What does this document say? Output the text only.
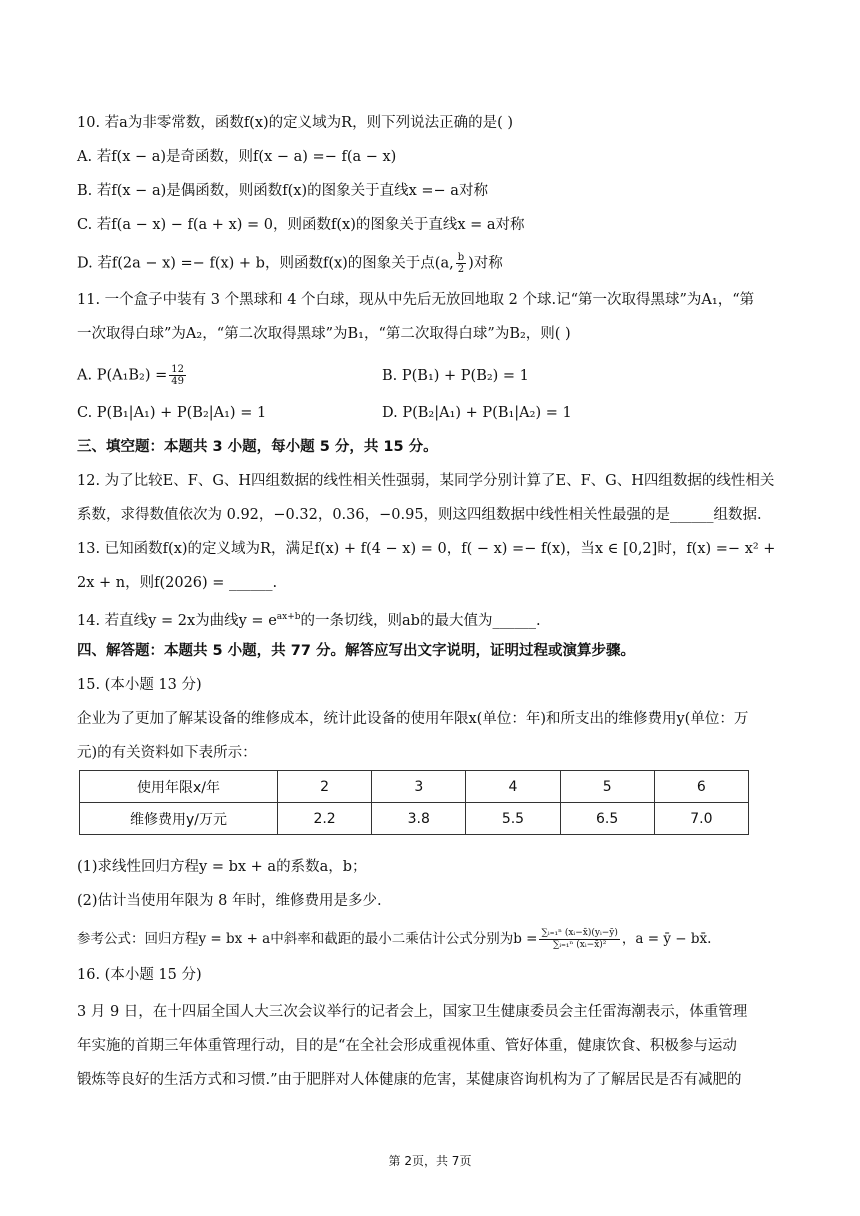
10. 若a为非零常数，函数f(x)的定义域为R，则下列说法正确的是( )
A. 若f(x − a)是奇函数，则f(x − a) =− f(a − x)
B. 若f(x − a)是偶函数，则函数f(x)的图象关于直线x =− a对称
C. 若f(a − x) − f(a + x) = 0，则函数f(x)的图象关于直线x = a对称
D. 若f(2a − x) =− f(x) + b，则函数f(x)的图象关于点(a, $\frac{b}{2}$ )对称
11. 一个盒子中装有 3 个黑球和 4 个白球，现从中先后无放回地取 2 个球.记“第一次取得黑球”为A₁，“第
一次取得白球”为A₂，“第二次取得黑球”为B₁，“第二次取得白球”为B₂，则( )
A. $P(A_1B_2) = \frac{12}{49}$	B. P(B₁) + P(B₂) = 1
C. P(B₁|A₁) + P(B₂|A₁) = 1	D. P(B₂|A₁) + P(B₁|A₂) = 1
三、填空题：本题共 3 小题，每小题 5 分，共 15 分。
12. 为了比较E、F、G、H四组数据的线性相关性强弱，某同学分别计算了E、F、G、H四组数据的线性相关
系数，求得数值依次为 0.92，−0.32，0.36，−0.95，则这四组数据中线性相关性最强的是______组数据.
13. 已知函数f(x)的定义域为R，满足f(x) + f(4 − x) = 0，f( − x) =− f(x)，当x ∈ [0,2]时，f(x) =− x² +
2x + n，则f(2026) = ______.
14. 若直线y = 2x为曲线$y = e^{ax+b}$的一条切线，则ab的最大值为______.
四、解答题：本题共 5 小题，共 77 分。解答应写出文字说明，证明过程或演算步骤。
15. (本小题 13 分)
企业为了更加了解某设备的维修成本，统计此设备的使用年限x(单位：年)和所支出的维修费用y(单位：万
元)的有关资料如下表所示：
使用年限x/年	2	3	4	5	6
维修费用y/万元	2.2	3.8	5.5	6.5	7.0
(1)求线性回归方程y = bx + a的系数a，b；
(2)估计当使用年限为 8 年时，维修费用是多少.
参考公式：回归方程y = bx + a中斜率和截距的最小二乘估计公式分别为$b = \frac{\text{∑ᵢ₌₁ⁿ (xᵢ−x̄)(yᵢ−ȳ)}}{\text{∑ᵢ₌₁ⁿ (xᵢ−x̄)²}}$ ，a = ȳ − bx̄.
16. (本小题 15 分)
3 月 9 日，在十四届全国人大三次会议举行的记者会上，国家卫生健康委员会主任雷海潮表示，体重管理
年实施的首期三年体重管理行动，目的是“在全社会形成重视体重、管好体重，健康饮食、积极参与运动
锻炼等良好的生活方式和习惯.”由于肥胖对人体健康的危害，某健康咨询机构为了了解居民是否有减肥的
第 2页，共 7页
